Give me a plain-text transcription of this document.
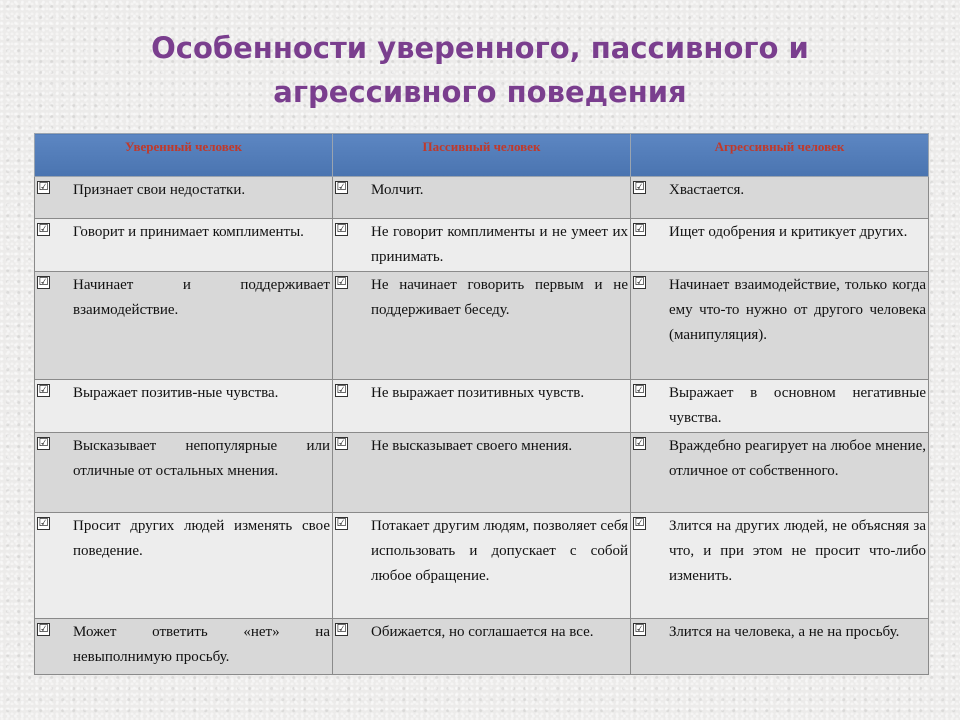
Особенности уверенного, пассивного и
агрессивного поведения
Уверенный человек	Пассивный человек	Агрессивный человек

☑ Признает свои недостатки.	☑ Молчит.	☑ Хвастается.

☑ Говорит и принимает комплименты.	☑ Не говорит комплименты и не умеет их принимать.	☑ Ищет одобрения и критикует других.

☑ Начинает и поддерживает взаимодействие.	☑ Не начинает говорить первым и не поддерживает беседу.	☑ Начинает взаимодействие, только когда ему что-то нужно от другого человека (манипуляция).

☑ Выражает позитив-ные чувства.	☑ Не выражает позитивных чувств.	☑ Выражает в основном негативные чувства.

☑ Высказывает непопулярные или отличные от остальных мнения.	☑ Не высказывает своего мнения.	☑ Враждебно реагирует на любое мнение, отличное от собственного.

☑ Просит других людей изменять свое поведение.	☑ Потакает другим людям, позволяет себя использовать и допускает с собой любое обращение.	☑ Злится на других людей, не объясняя за что, и при этом не просит что-либо изменить.

☑ Может ответить «нет» на невыполнимую просьбу.	☑ Обижается, но соглашается на все.	☑ Злится на человека, а не на просьбу.
